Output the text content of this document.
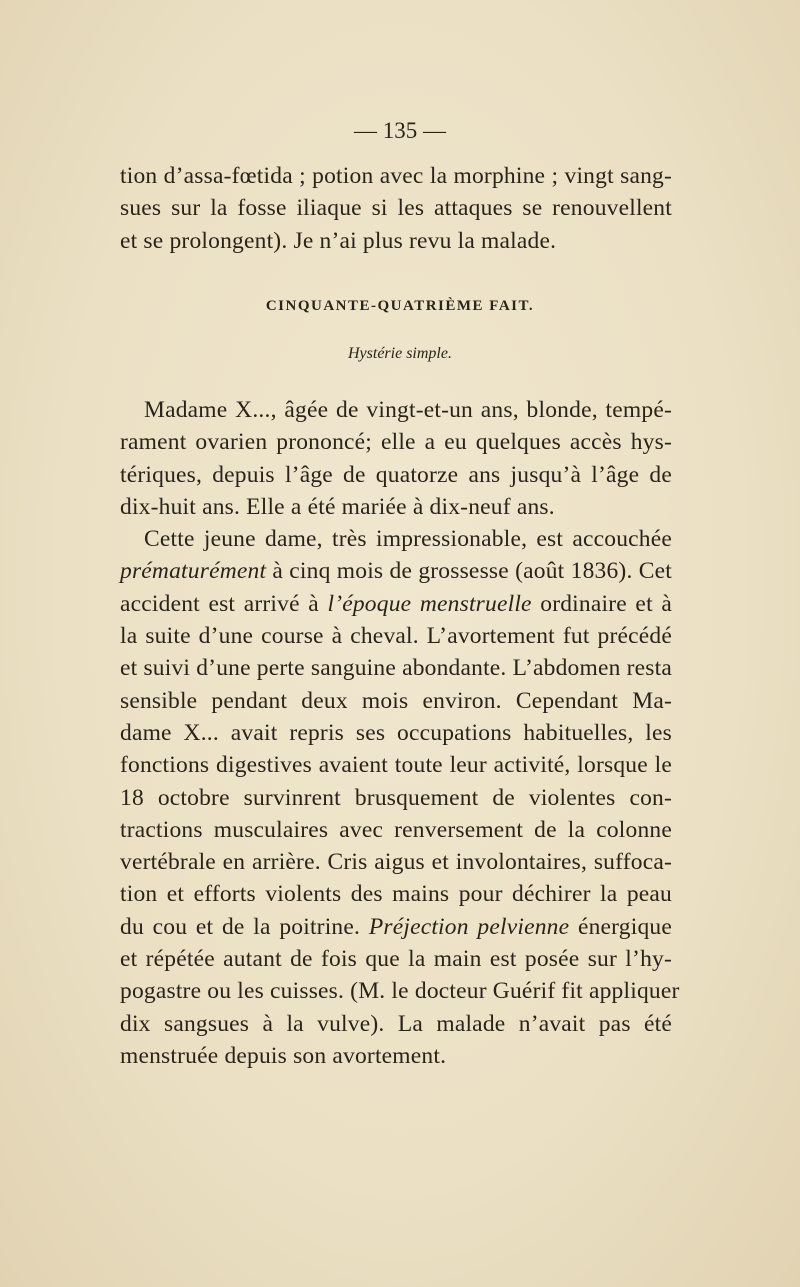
— 135 —
tion d’assa-fœtida ; potion avec la morphine ; vingt sang-
sues sur la fosse iliaque si les attaques se renouvellent
et se prolongent). Je n’ai plus revu la malade.
CINQUANTE-QUATRIÈME FAIT.
Hystérie simple.
Madame X..., âgée de vingt-et-un ans, blonde, tempé-
rament ovarien prononcé; elle a eu quelques accès hys-
tériques, depuis l’âge de quatorze ans jusqu’à l’âge de
dix-huit ans. Elle a été mariée à dix-neuf ans.
Cette jeune dame, très impressionable, est accouchée
prématurément à cinq mois de grossesse (août 1836). Cet
accident est arrivé à l’époque menstruelle ordinaire et à
la suite d’une course à cheval. L’avortement fut précédé
et suivi d’une perte sanguine abondante. L’abdomen resta
sensible pendant deux mois environ. Cependant Ma-
dame X... avait repris ses occupations habituelles, les
fonctions digestives avaient toute leur activité, lorsque le
18 octobre survinrent brusquement de violentes con-
tractions musculaires avec renversement de la colonne
vertébrale en arrière. Cris aigus et involontaires, suffoca-
tion et efforts violents des mains pour déchirer la peau
du cou et de la poitrine. Préjection pelvienne énergique
et répétée autant de fois que la main est posée sur l’hy-
pogastre ou les cuisses. (M. le docteur Guérif fit appliquer
dix sangsues à la vulve). La malade n’avait pas été
menstruée depuis son avortement.
